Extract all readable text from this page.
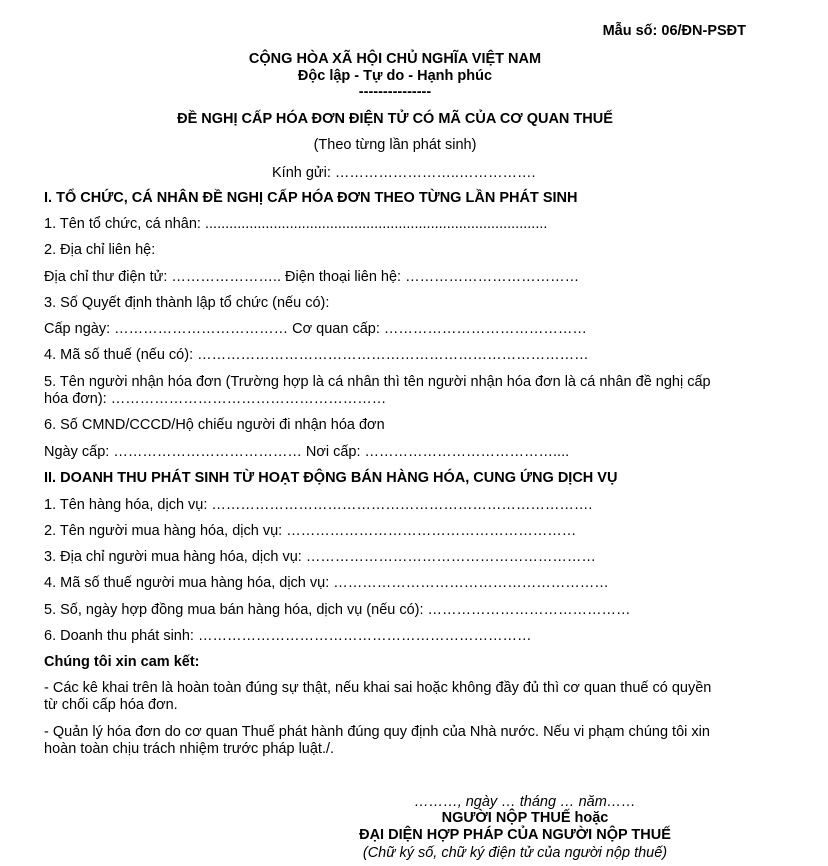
Mẫu số: 06/ĐN-PSĐT
CỘNG HÒA XÃ HỘI CHỦ NGHĨA VIỆT NAM
Độc lập - Tự do - Hạnh phúc
---------------
ĐỀ NGHỊ CẤP HÓA ĐƠN ĐIỆN TỬ CÓ MÃ CỦA CƠ QUAN THUẾ
(Theo từng lần phát sinh)
Kính gửi: ……………………..…………….
I. TỔ CHỨC, CÁ NHÂN ĐỀ NGHỊ CẤP HÓA ĐƠN THEO TỪNG LẦN PHÁT SINH
1. Tên tổ chức, cá nhân: .....................................................................................
2. Địa chỉ liên hệ:
Địa chỉ thư điện tử: ………………….. Điện thoại liên hệ: ………………………………
3. Số Quyết định thành lập tổ chức (nếu có):
Cấp ngày: ……………………………… Cơ quan cấp: ……………………………………
4. Mã số thuế (nếu có): ………………………………………………………………………
5. Tên người nhận hóa đơn (Trường hợp là cá nhân thì tên người nhận hóa đơn là cá nhân đề nghị cấp
hóa đơn): …………………………………………………
6. Số CMND/CCCD/Hộ chiếu người đi nhận hóa đơn
Ngày cấp: ………………………………… Nơi cấp: …………………………………....
II. DOANH THU PHÁT SINH TỪ HOẠT ĐỘNG BÁN HÀNG HÓA, CUNG ỨNG DỊCH VỤ
1. Tên hàng hóa, dịch vụ: …………………………………………………………………….
2. Tên người mua hàng hóa, dịch vụ: ……………………………………………………
3. Địa chỉ người mua hàng hóa, dịch vụ: ……………………………………………………
4. Mã số thuế người mua hàng hóa, dịch vụ: …………………………………………………
5. Số, ngày hợp đồng mua bán hàng hóa, dịch vụ (nếu có): ……………………………………
6. Doanh thu phát sinh: ……………………………………………………………
Chúng tôi xin cam kết:
- Các kê khai trên là hoàn toàn đúng sự thật, nếu khai sai hoặc không đầy đủ thì cơ quan thuế có quyền
từ chối cấp hóa đơn.
- Quản lý hóa đơn do cơ quan Thuế phát hành đúng quy định của Nhà nước. Nếu vi phạm chúng tôi xin
hoàn toàn chịu trách nhiệm trước pháp luật./.
………, ngày … tháng … năm……
NGƯỜI NỘP THUẾ hoặc
ĐẠI DIỆN HỢP PHÁP CỦA NGƯỜI NỘP THUẾ
(Chữ ký số, chữ ký điện tử của người nộp thuế)
